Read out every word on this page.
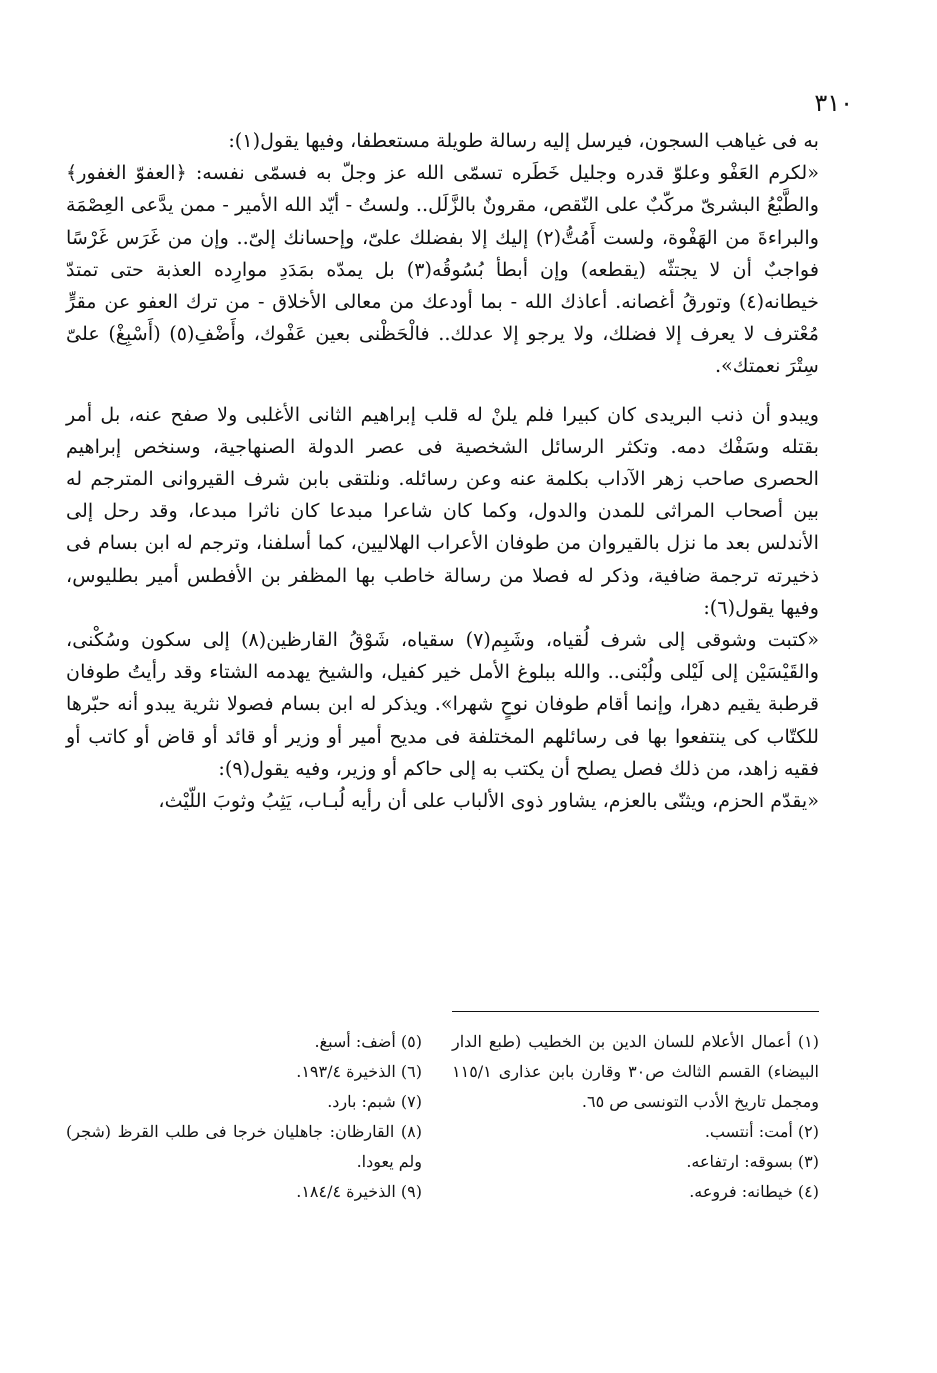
٣١٠

به فى غياهب السجون، فيرسل إليه رسالة طويلة مستعطفا، وفيها يقول(١):

«لكرم العَفْو وعلوّ قدره وجليل خَطَره تسمّى الله عز وجلّ به فسمّى نفسه: ﴿العفوّ الغفور﴾ والطَّبْعُ البشرىّ مركّبٌ على النّقص، مقرونٌ بالزَّلَل.. ولستُ - أيّد الله الأمير - ممن يدَّعى العِصْمَة والبراءةَ من الهَفْوة، ولست أَمُتُّ(٢) إليك إلا بفضلك علىّ، وإحسانك إلىّ.. وإن من غَرَس غَرْسًا فواجبٌ أن لا يجتثّه (يقطعه) وإن أبطأ بُسُوقُه(٣) بل يمدّه بمَدَدِ موارِده العذبة حتى تمتدّ خيطانه(٤) وتورقُ أغصانه. أعاذك الله - بما أودعك من معالى الأخلاق - من ترك العفو عن مقرٍّ مُعْترف لا يعرف إلا فضلك، ولا يرجو إلا عدلك.. فالْحَظْنى بعين عَفْوك، وأَضْفِ(٥) (أَسْبِغْ) علىّ سِتْرَ نعمتك».

ويبدو أن ذنب البريدى كان كبيرا فلم يلنْ له قلب إبراهيم الثانى الأغلبى ولا صفح عنه، بل أمر بقتله وسَفْك دمه. وتكثر الرسائل الشخصية فى عصر الدولة الصنهاجية، وسنخص إبراهيم الحصرى صاحب زهر الآداب بكلمة عنه وعن رسائله. ونلتقى بابن شرف القيروانى المترجم له بين أصحاب المراثى للمدن والدول، وكما كان شاعرا مبدعا كان ناثرا مبدعا، وقد رحل إلى الأندلس بعد ما نزل بالقيروان من طوفان الأعراب الهلاليين، كما أسلفنا، وترجم له ابن بسام فى ذخيرته ترجمة ضافية، وذكر له فصلا من رسالة خاطب بها المظفر بن الأفطس أمير بطليوس، وفيها يقول(٦):

«كتبت وشوقى إلى شرف لُقياه، وشَبِم(٧) سقياه، شَوْقُ القارظين(٨) إلى سكون وسُكْنى، والقَيْسَيْن إلى لَيْلى ولُبْنى.. والله ببلوغ الأمل خير كفيل، والشيخ يهدمه الشتاء وقد رأيتُ طوفان قرطبة يقيم دهرا، وإنما أقام طوفان نوحٍ شهرا». ويذكر له ابن بسام فصولا نثرية يبدو أنه حبّرها للكتّاب كى ينتفعوا بها فى رسائلهم المختلفة فى مديح أمير أو وزير أو قائد أو قاض أو كاتب أو فقيه زاهد، من ذلك فصل يصلح أن يكتب به إلى حاكم أو وزير، وفيه يقول(٩):

«يقدّم الحزم، ويثنّى بالعزم، يشاور ذوى الألباب على أن رأيه لُبـاب، يَثِبُ وثوبَ اللّيْث،

(١) أعمال الأعلام للسان الدين بن الخطيب (طبع الدار البيضاء) القسم الثالث ص٣٠ وقارن بابن عذارى ١١٥/١ ومجمل تاريخ الأدب التونسى ص ٦٥.

(٢) أمت: أنتسب.

(٣) بسوقه: ارتفاعه.

(٤) خيطانه: فروعه.

(٥) أضف: أسبغ.

(٦) الذخيرة ١٩٣/٤.

(٧) شبم: بارد.

(٨) القارظان: جاهليان خرجا فى طلب القرظ (شجر) ولم يعودا.

(٩) الذخيرة ١٨٤/٤.
